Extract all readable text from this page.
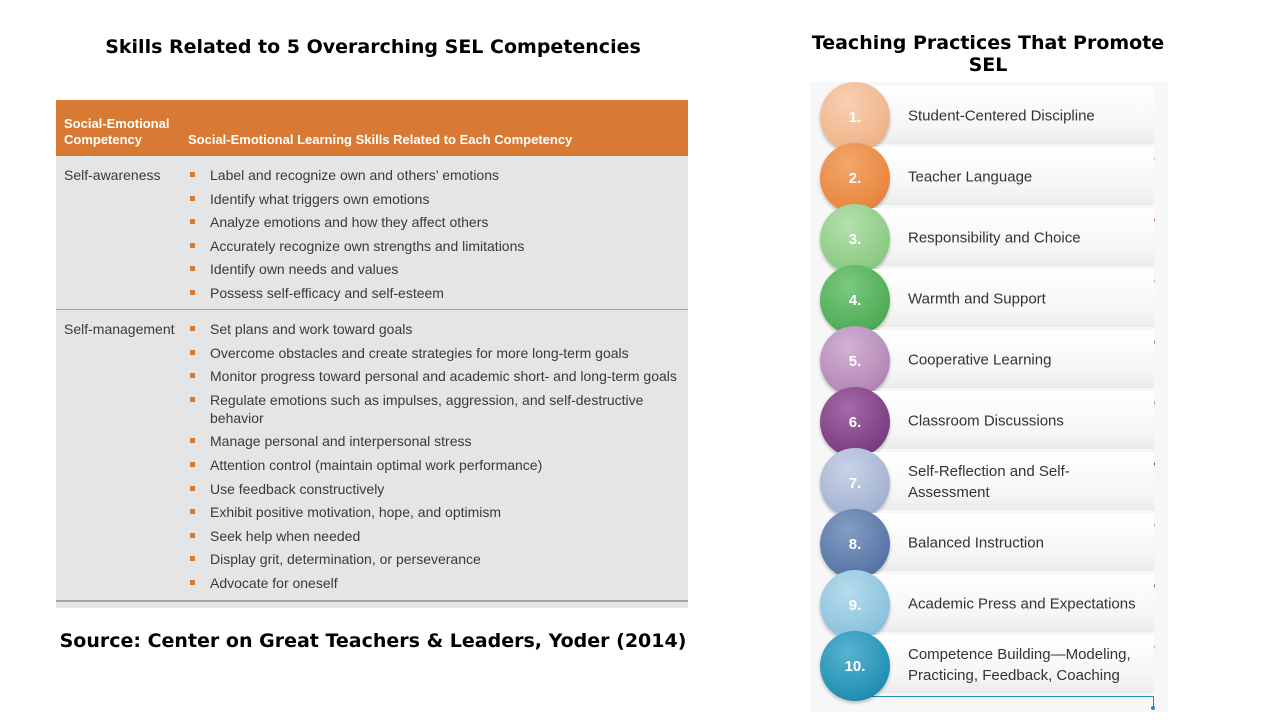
Skills Related to 5 Overarching SEL Competencies	Teaching Practices That Promote SEL
Social-Emotional Competency	Social-Emotional Learning Skills Related to Each Competency
Self-awareness	Label and recognize own and others’ emotions
Identify what triggers own emotions
Analyze emotions and how they affect others
Accurately recognize own strengths and limitations
Identify own needs and values
Possess self-efficacy and self-esteem
Self-management	Set plans and work toward goals
Overcome obstacles and create strategies for more long-term goals
Monitor progress toward personal and academic short- and long-term goals
Regulate emotions such as impulses, aggression, and self-destructive behavior
Manage personal and interpersonal stress
Attention control (maintain optimal work performance)
Use feedback constructively
Exhibit positive motivation, hope, and optimism
Seek help when needed
Display grit, determination, or perseverance
Advocate for oneself
Source: Center on Great Teachers & Leaders, Yoder (2014)
1.	Student-Centered Discipline
2.	Teacher Language
3.	Responsibility and Choice
4.	Warmth and Support
5.	Cooperative Learning
6.	Classroom Discussions
7.
Self-Reflection and Self-Assessment
8.	Balanced Instruction
9.	Academic Press and Expectations
10.
Competence Building—Modeling, Practicing, Feedback, Coaching
